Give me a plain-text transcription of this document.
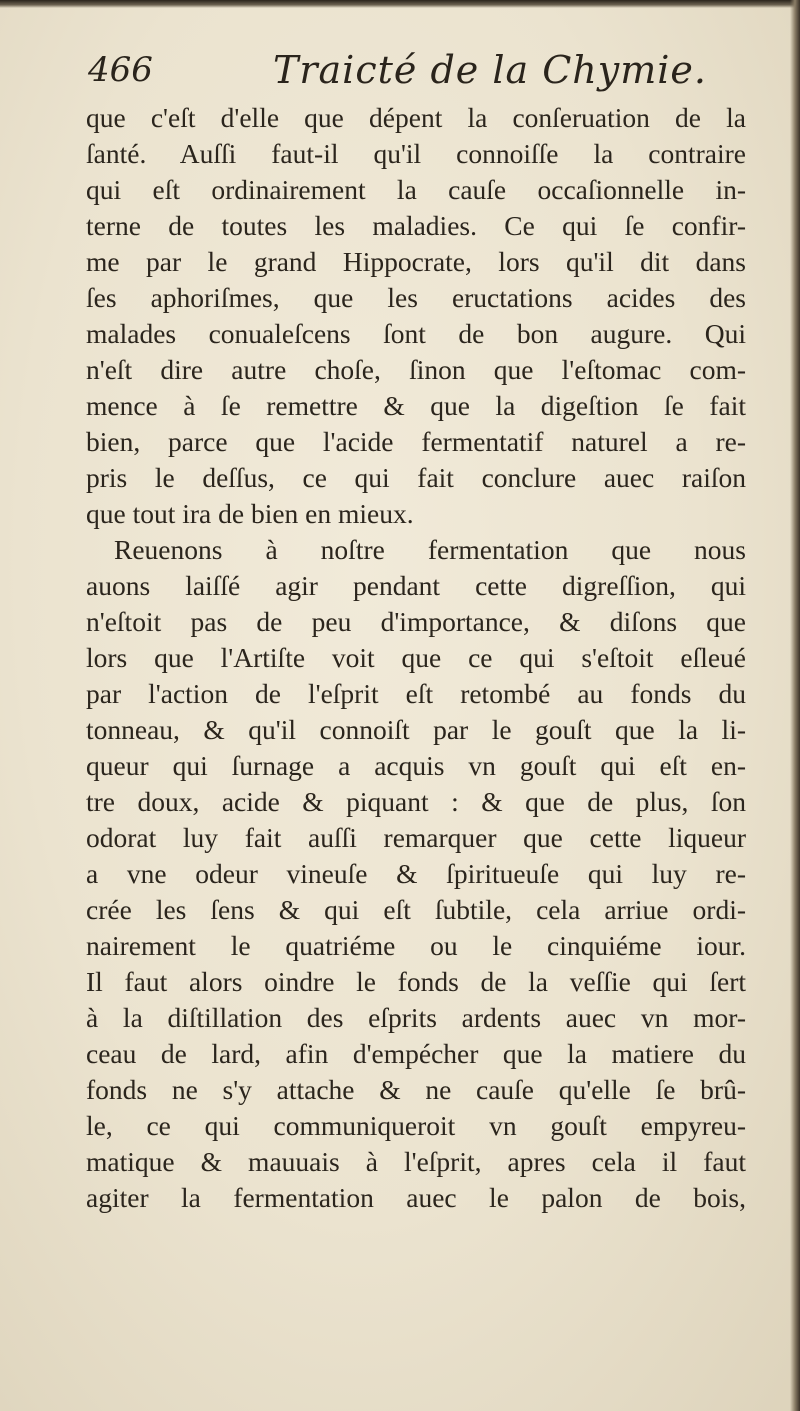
466	Traicté de la Chymie.
que c'eſt d'elle que dépent la conſeruation de la
ſanté. Auſſi faut-il qu'il connoiſſe la contraire
qui eſt ordinairement la cauſe occaſionnelle in-
terne de toutes les maladies. Ce qui ſe confir-
me par le grand Hippocrate, lors qu'il dit dans
ſes aphoriſmes, que les eructations acides des
malades conualeſcens ſont de bon augure. Qui
n'eſt dire autre choſe, ſinon que l'eſtomac com-
mence à ſe remettre & que la digeſtion ſe fait
bien, parce que l'acide fermentatif naturel a re-
pris le deſſus, ce qui fait conclure auec raiſon
que tout ira de bien en mieux.
Reuenons à noſtre fermentation que nous
auons laiſſé agir pendant cette digreſſion, qui
n'eſtoit pas de peu d'importance, & diſons que
lors que l'Artiſte voit que ce qui s'eſtoit eſleué
par l'action de l'eſprit eſt retombé au fonds du
tonneau, & qu'il connoiſt par le gouſt que la li-
queur qui ſurnage a acquis vn gouſt qui eſt en-
tre doux, acide & piquant : & que de plus, ſon
odorat luy fait auſſi remarquer que cette liqueur
a vne odeur vineuſe & ſpiritueuſe qui luy re-
crée les ſens & qui eſt ſubtile, cela arriue ordi-
nairement le quatriéme ou le cinquiéme iour.
Il faut alors oindre le fonds de la veſſie qui ſert
à la diſtillation des eſprits ardents auec vn mor-
ceau de lard, afin d'empécher que la matiere du
fonds ne s'y attache & ne cauſe qu'elle ſe brû-
le, ce qui communiqueroit vn gouſt empyreu-
matique & mauuais à l'eſprit, apres cela il faut
agiter la fermentation auec le palon de bois,
